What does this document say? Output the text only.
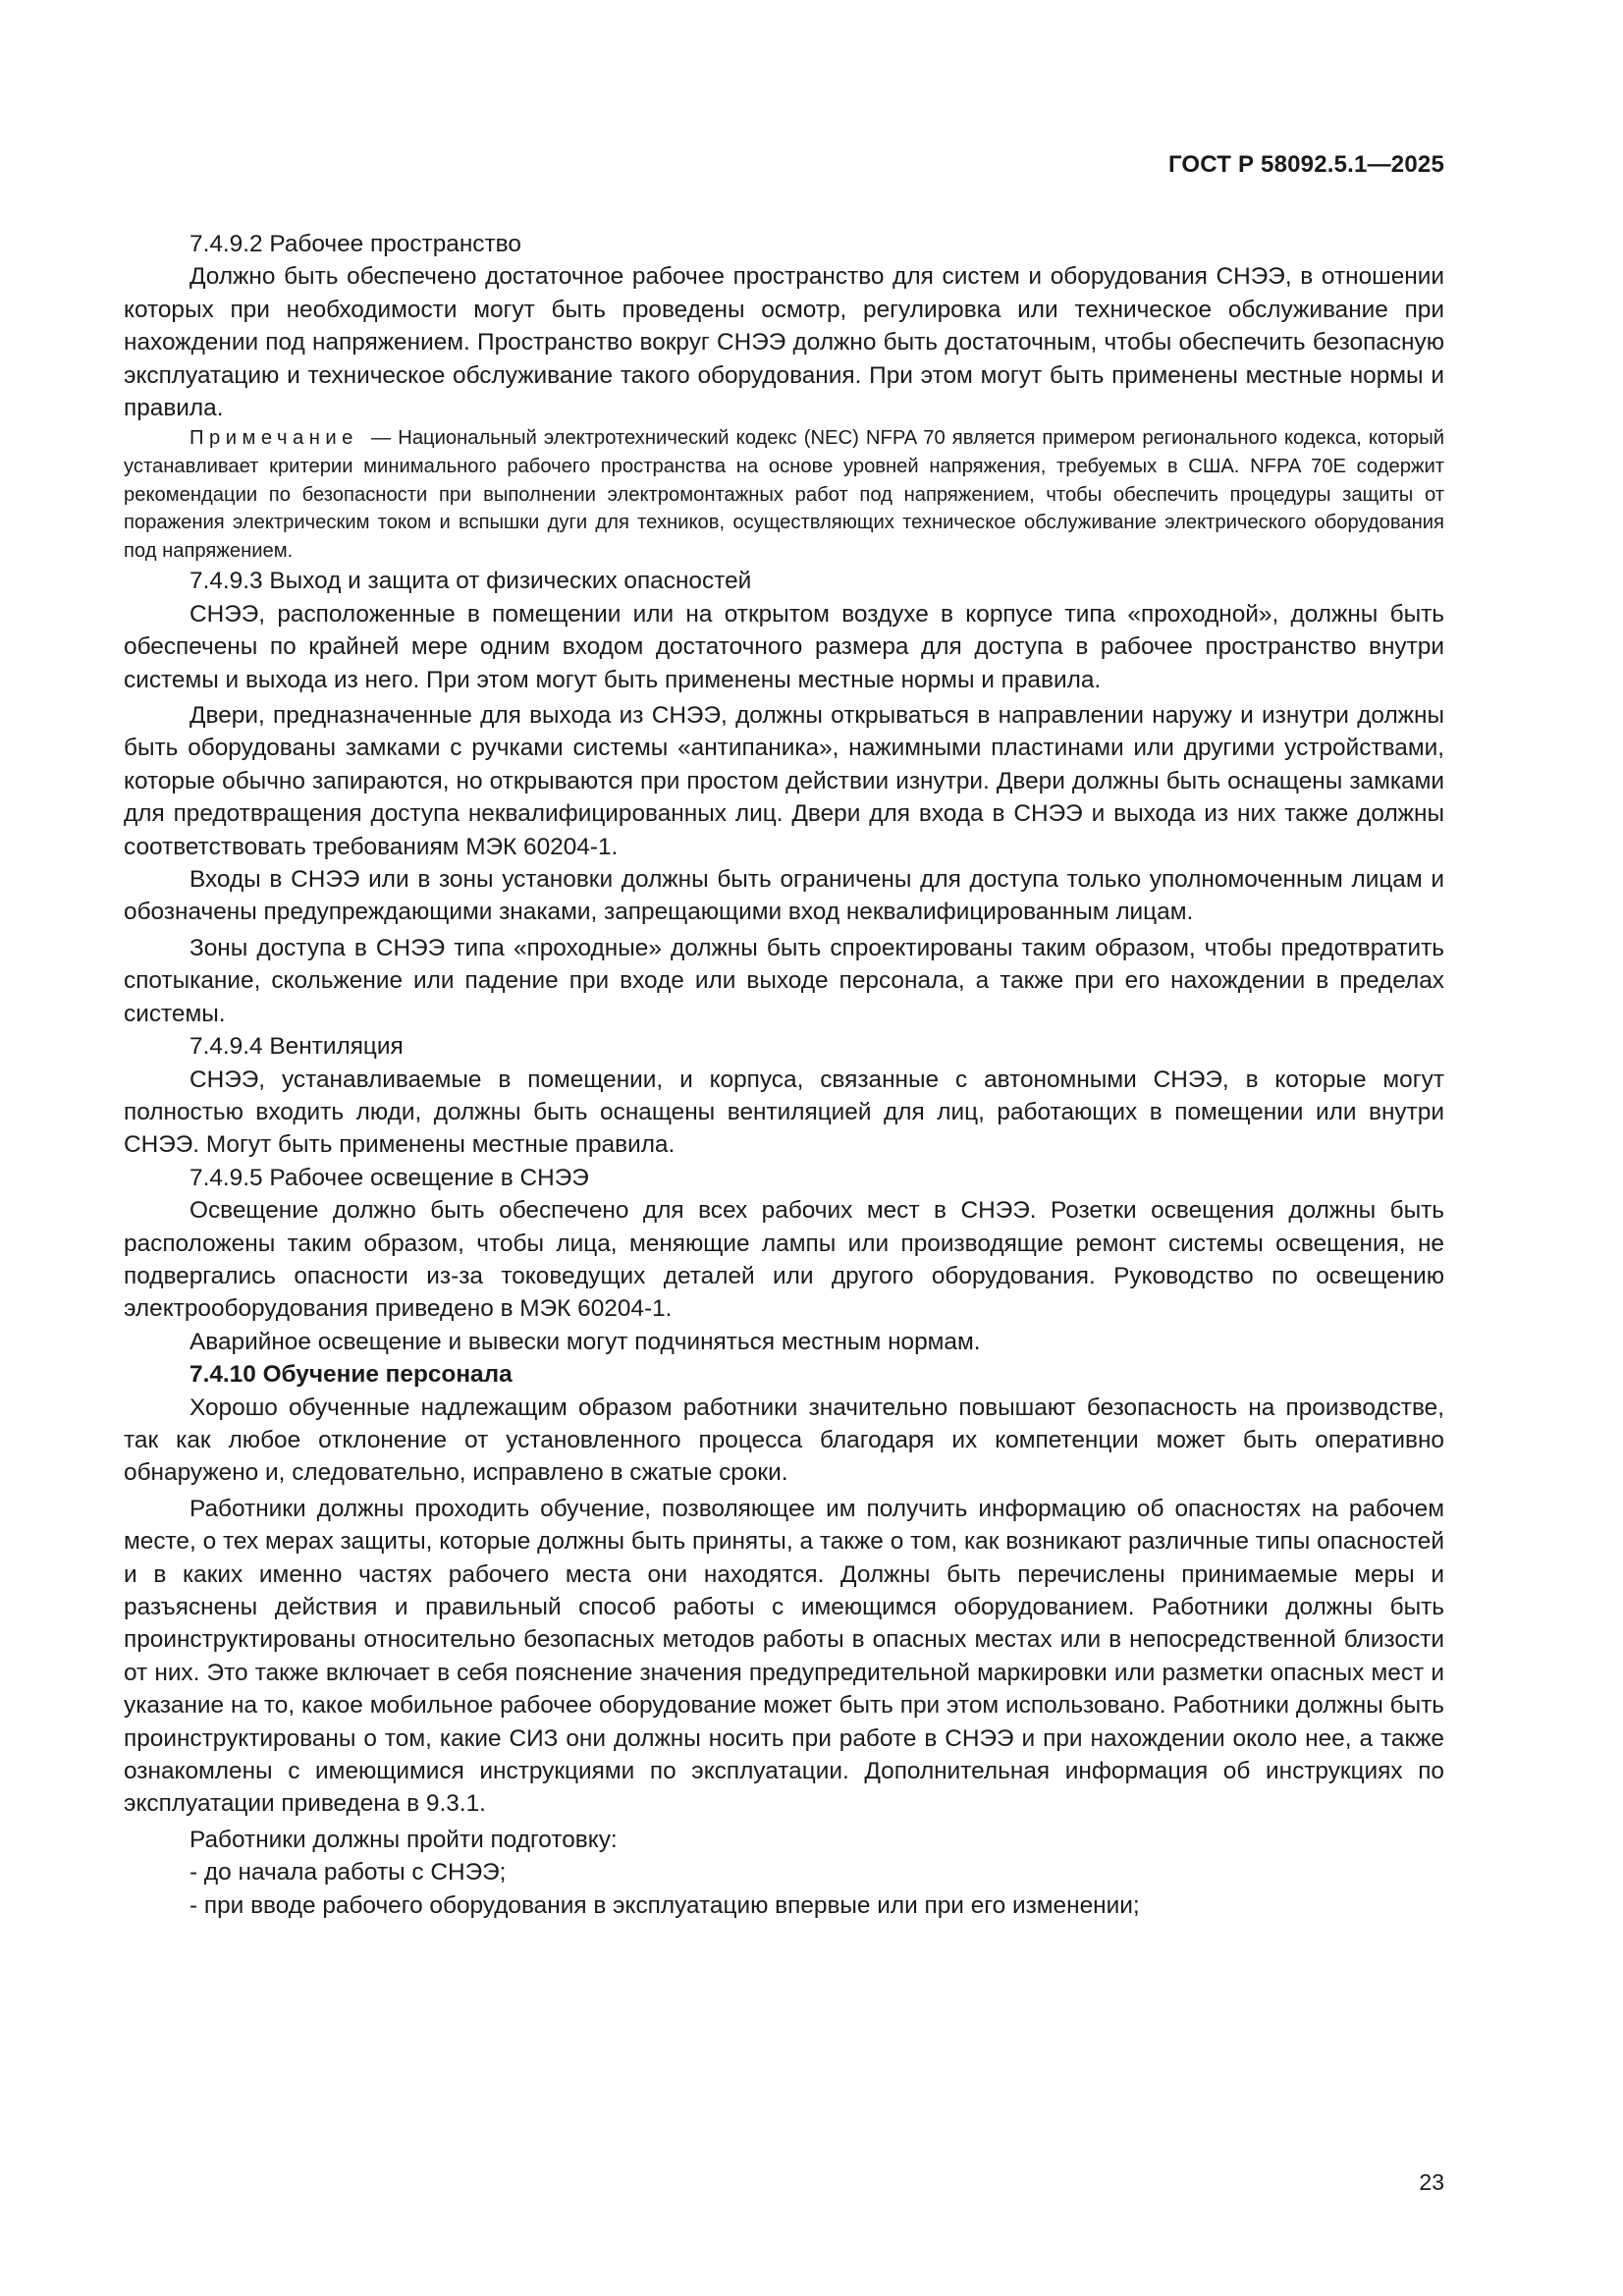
ГОСТ Р 58092.5.1—2025

7.4.9.2 Рабочее пространство

Должно быть обеспечено достаточное рабочее пространство для систем и оборудования СНЭЭ, в отношении которых при необходимости могут быть проведены осмотр, регулировка или техническое обслуживание при нахождении под напряжением. Пространство вокруг СНЭЭ должно быть достаточным, чтобы обеспечить безопасную эксплуатацию и техническое обслуживание такого оборудования. При этом могут быть применены местные нормы и правила.

Примечание — Национальный электротехнический кодекс (NEC) NFPA 70 является примером регионального кодекса, который устанавливает критерии минимального рабочего пространства на основе уровней напряжения, требуемых в США. NFPA 70E содержит рекомендации по безопасности при выполнении электромонтажных работ под напряжением, чтобы обеспечить процедуры защиты от поражения электрическим током и вспышки дуги для техников, осуществляющих техническое обслуживание электрического оборудования под напряжением.

7.4.9.3 Выход и защита от физических опасностей

СНЭЭ, расположенные в помещении или на открытом воздухе в корпусе типа «проходной», должны быть обеспечены по крайней мере одним входом достаточного размера для доступа в рабочее пространство внутри системы и выхода из него. При этом могут быть применены местные нормы и правила.

Двери, предназначенные для выхода из СНЭЭ, должны открываться в направлении наружу и изнутри должны быть оборудованы замками с ручками системы «антипаника», нажимными пластинами или другими устройствами, которые обычно запираются, но открываются при простом действии изнутри. Двери должны быть оснащены замками для предотвращения доступа неквалифицированных лиц. Двери для входа в СНЭЭ и выхода из них также должны соответствовать требованиям МЭК 60204-1.

Входы в СНЭЭ или в зоны установки должны быть ограничены для доступа только уполномоченным лицам и обозначены предупреждающими знаками, запрещающими вход неквалифицированным лицам.

Зоны доступа в СНЭЭ типа «проходные» должны быть спроектированы таким образом, чтобы предотвратить спотыкание, скольжение или падение при входе или выходе персонала, а также при его нахождении в пределах системы.

7.4.9.4 Вентиляция

СНЭЭ, устанавливаемые в помещении, и корпуса, связанные с автономными СНЭЭ, в которые могут полностью входить люди, должны быть оснащены вентиляцией для лиц, работающих в помещении или внутри СНЭЭ. Могут быть применены местные правила.

7.4.9.5 Рабочее освещение в СНЭЭ

Освещение должно быть обеспечено для всех рабочих мест в СНЭЭ. Розетки освещения должны быть расположены таким образом, чтобы лица, меняющие лампы или производящие ремонт системы освещения, не подвергались опасности из-за токоведущих деталей или другого оборудования. Руководство по освещению электрооборудования приведено в МЭК 60204-1.

Аварийное освещение и вывески могут подчиняться местным нормам.

7.4.10 Обучение персонала

Хорошо обученные надлежащим образом работники значительно повышают безопасность на производстве, так как любое отклонение от установленного процесса благодаря их компетенции может быть оперативно обнаружено и, следовательно, исправлено в сжатые сроки.

Работники должны проходить обучение, позволяющее им получить информацию об опасностях на рабочем месте, о тех мерах защиты, которые должны быть приняты, а также о том, как возникают различные типы опасностей и в каких именно частях рабочего места они находятся. Должны быть перечислены принимаемые меры и разъяснены действия и правильный способ работы с имеющимся оборудованием. Работники должны быть проинструктированы относительно безопасных методов работы в опасных местах или в непосредственной близости от них. Это также включает в себя пояснение значения предупредительной маркировки или разметки опасных мест и указание на то, какое мобильное рабочее оборудование может быть при этом использовано. Работники должны быть проинструктированы о том, какие СИЗ они должны носить при работе в СНЭЭ и при нахождении около нее, а также ознакомлены с имеющимися инструкциями по эксплуатации. Дополнительная информация об инструкциях по эксплуатации приведена в 9.3.1.

Работники должны пройти подготовку:

- до начала работы с СНЭЭ;

- при вводе рабочего оборудования в эксплуатацию впервые или при его изменении;

23
